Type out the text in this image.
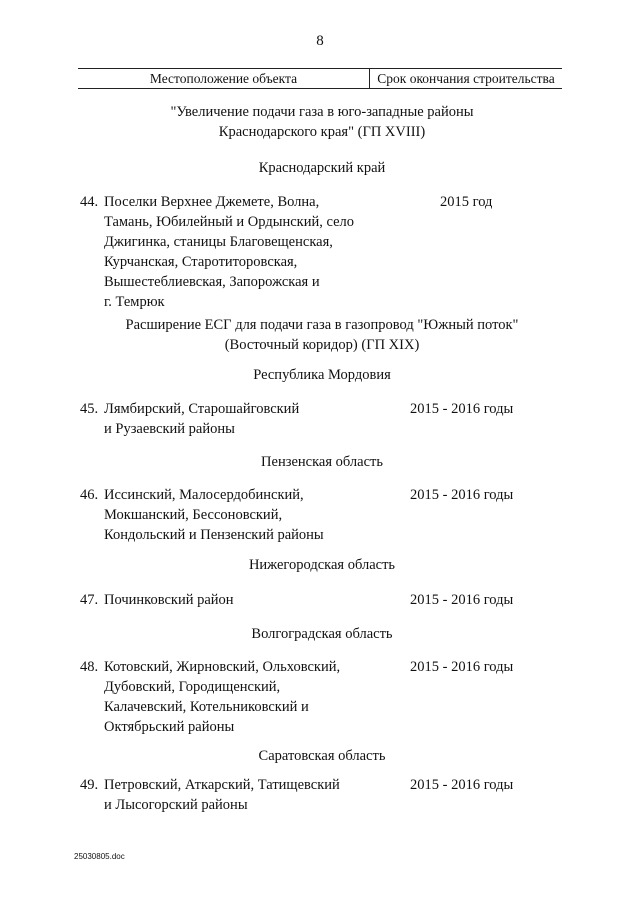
8
Местоположение объекта	Срок окончания строительства
"Увеличение подачи газа в юго-западные районы
Краснодарского края" (ГП XVIII)
Краснодарский край
44. Поселки Верхнее Джемете, Волна,
Тамань, Юбилейный и Ордынский, село
Джигинка, станицы Благовещенская,
Курчанская, Старотиторовская,
Вышестеблиевская, Запорожская и
г. Темрюк
2015 год
Расширение ЕСГ для подачи газа в газопровод "Южный поток"
(Восточный коридор) (ГП XIX)
Республика Мордовия
45. Лямбирский, Старошайговский
и Рузаевский районы
2015 - 2016 годы
Пензенская область
46. Иссинский, Малосердобинский,
Мокшанский, Бессоновский,
Кондольский и Пензенский районы
2015 - 2016 годы
Нижегородская область
47. Починковский район	2015 - 2016 годы
Волгоградская область
48. Котовский, Жирновский, Ольховский,
Дубовский, Городищенский,
Калачевский, Котельниковский и
Октябрьский районы
2015 - 2016 годы
Саратовская область
49. Петровский, Аткарский, Татищевский
и Лысогорский районы
2015 - 2016 годы
25030805.doc
